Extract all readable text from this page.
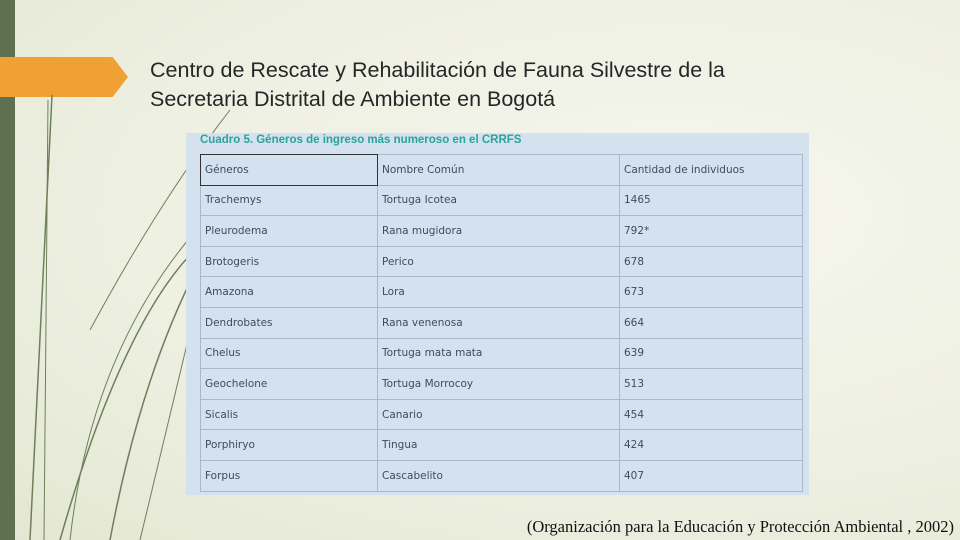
Centro de Rescate y Rehabilitación de Fauna Silvestre de la
Secretaria Distrital de Ambiente en Bogotá
Cuadro 5. Géneros de ingreso más numeroso en el CRRFS
Géneros	Nombre Común	Cantidad de individuos
Trachemys	Tortuga Icotea	1465
Pleurodema	Rana mugidora	792*
Brotogeris	Perico	678
Amazona	Lora	673
Dendrobates	Rana venenosa	664
Chelus	Tortuga mata mata	639
Geochelone	Tortuga Morrocoy	513
Sicalis	Canario	454
Porphiryo	Tingua	424
Forpus	Cascabelito	407
(Organización para la Educación y Protección Ambiental , 2002)
